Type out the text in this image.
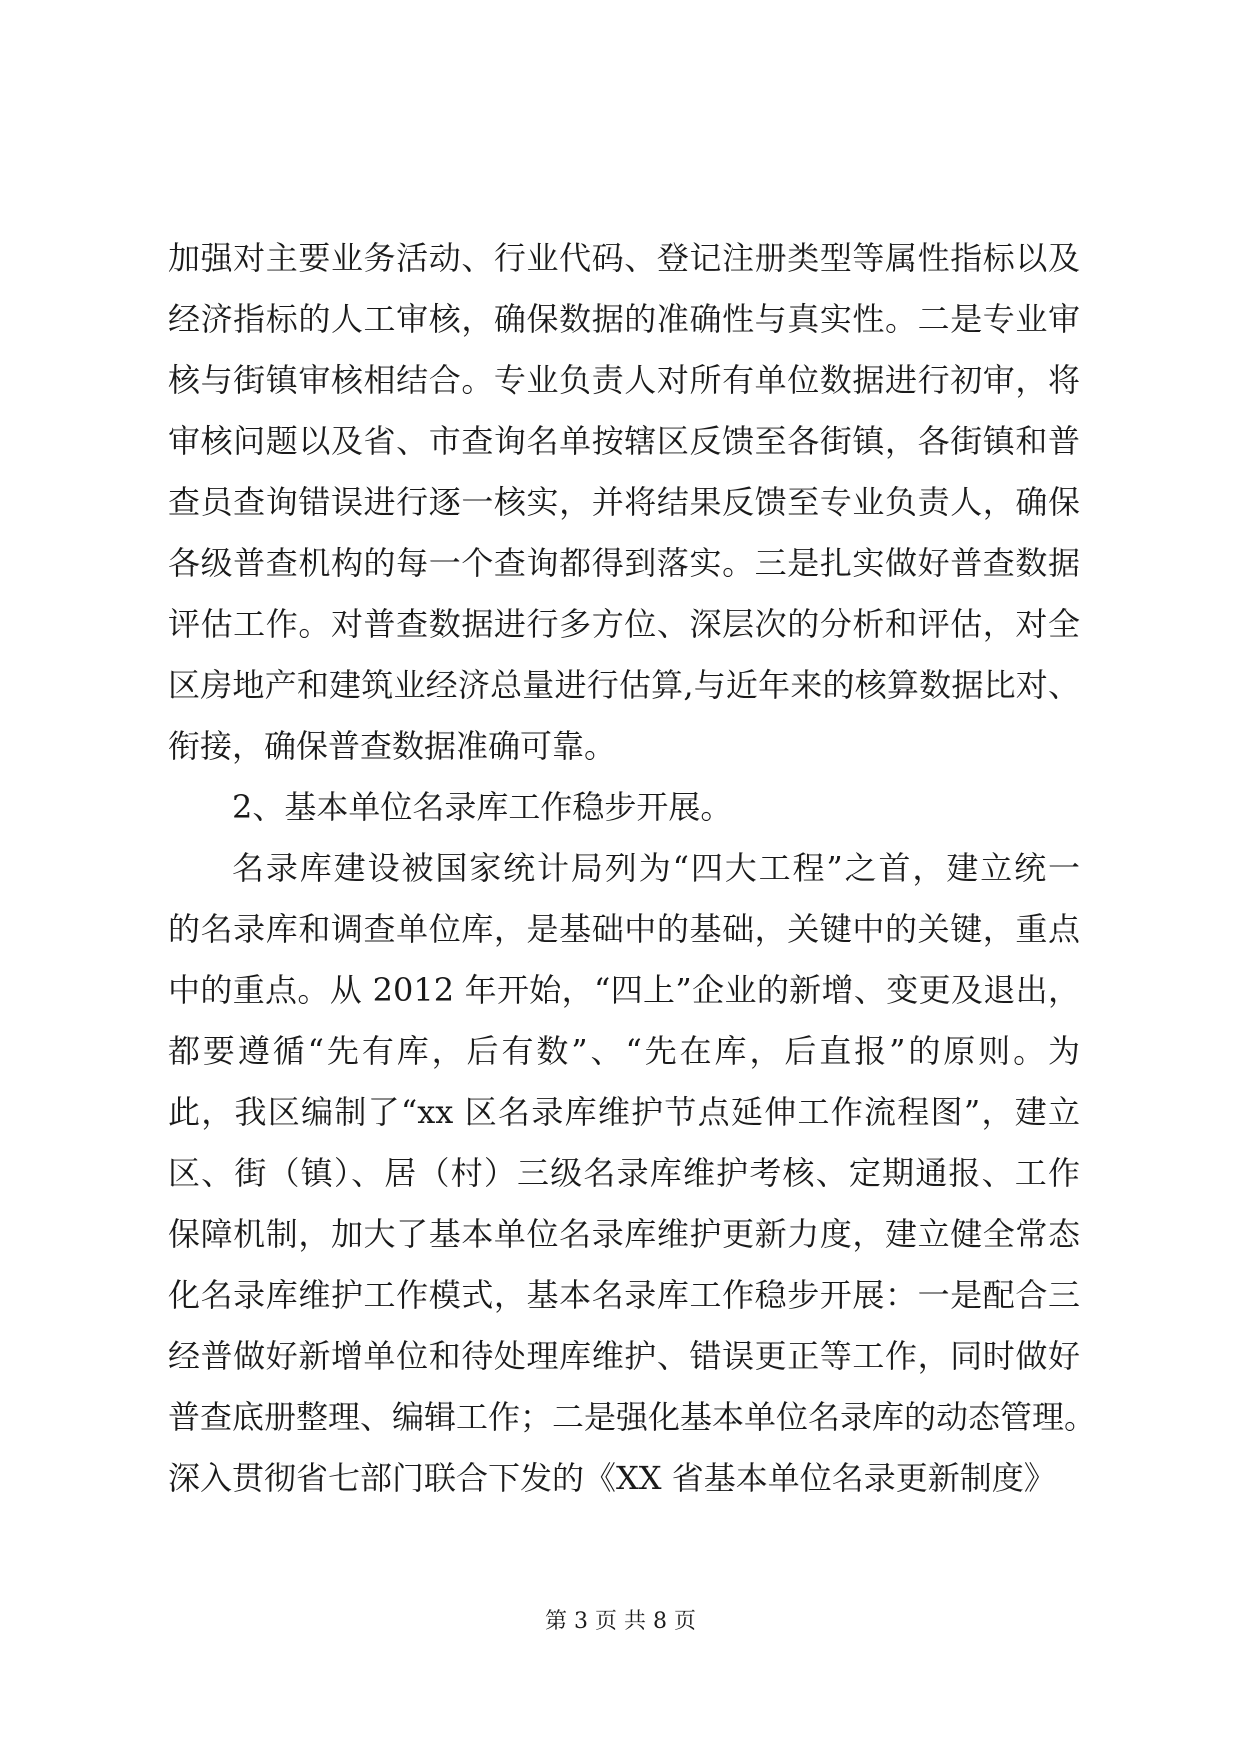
加强对主要业务活动、行业代码、登记注册类型等属性指标以及
经济指标的人工审核，确保数据的准确性与真实性。二是专业审
核与街镇审核相结合。专业负责人对所有单位数据进行初审，将
审核问题以及省、市查询名单按辖区反馈至各街镇，各街镇和普
查员查询错误进行逐一核实，并将结果反馈至专业负责人，确保
各级普查机构的每一个查询都得到落实。三是扎实做好普查数据
评估工作。对普查数据进行多方位、深层次的分析和评估，对全
区房地产和建筑业经济总量进行估算,与近年来的核算数据比对、
衔接，确保普查数据准确可靠。
2、基本单位名录库工作稳步开展。
名录库建设被国家统计局列为“四大工程”之首，建立统一
的名录库和调查单位库，是基础中的基础，关键中的关键，重点
中的重点。从 2012 年开始，“四上”企业的新增、变更及退出，
都要遵循“先有库，后有数”、“先在库，后直报”的原则。为
此，我区编制了“xx 区名录库维护节点延伸工作流程图”，建立
区、街（镇）、居（村）三级名录库维护考核、定期通报、工作
保障机制，加大了基本单位名录库维护更新力度，建立健全常态
化名录库维护工作模式，基本名录库工作稳步开展：一是配合三
经普做好新增单位和待处理库维护、错误更正等工作，同时做好
普查底册整理、编辑工作；二是强化基本单位名录库的动态管理。
深入贯彻省七部门联合下发的《XX 省基本单位名录更新制度》
第 3 页 共 8 页
